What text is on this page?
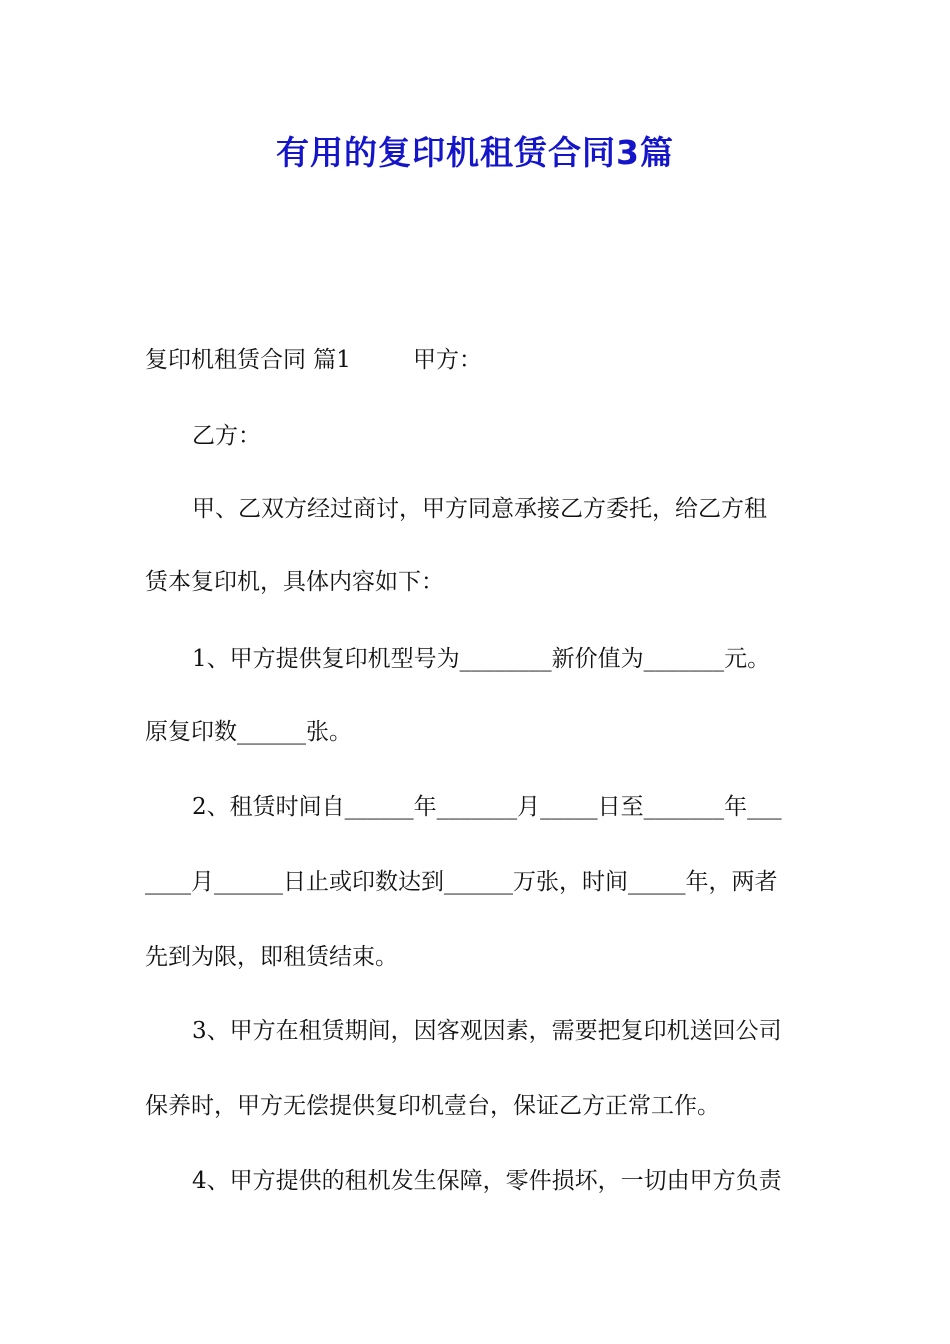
有用的复印机租赁合同3篇
复印机租赁合同 篇1	甲方：
乙方：
甲、乙双方经过商讨，甲方同意承接乙方委托，给乙方租
赁本复印机，具体内容如下：
1、甲方提供复印机型号为________新价值为_______元。
原复印数______张。
2、租赁时间自______年_______月_____日至_______年___
____月______日止或印数达到______万张，时间_____年，两者
先到为限，即租赁结束。
3、甲方在租赁期间，因客观因素，需要把复印机送回公司
保养时，甲方无偿提供复印机壹台，保证乙方正常工作。
4、甲方提供的租机发生保障，零件损坏，一切由甲方负责
